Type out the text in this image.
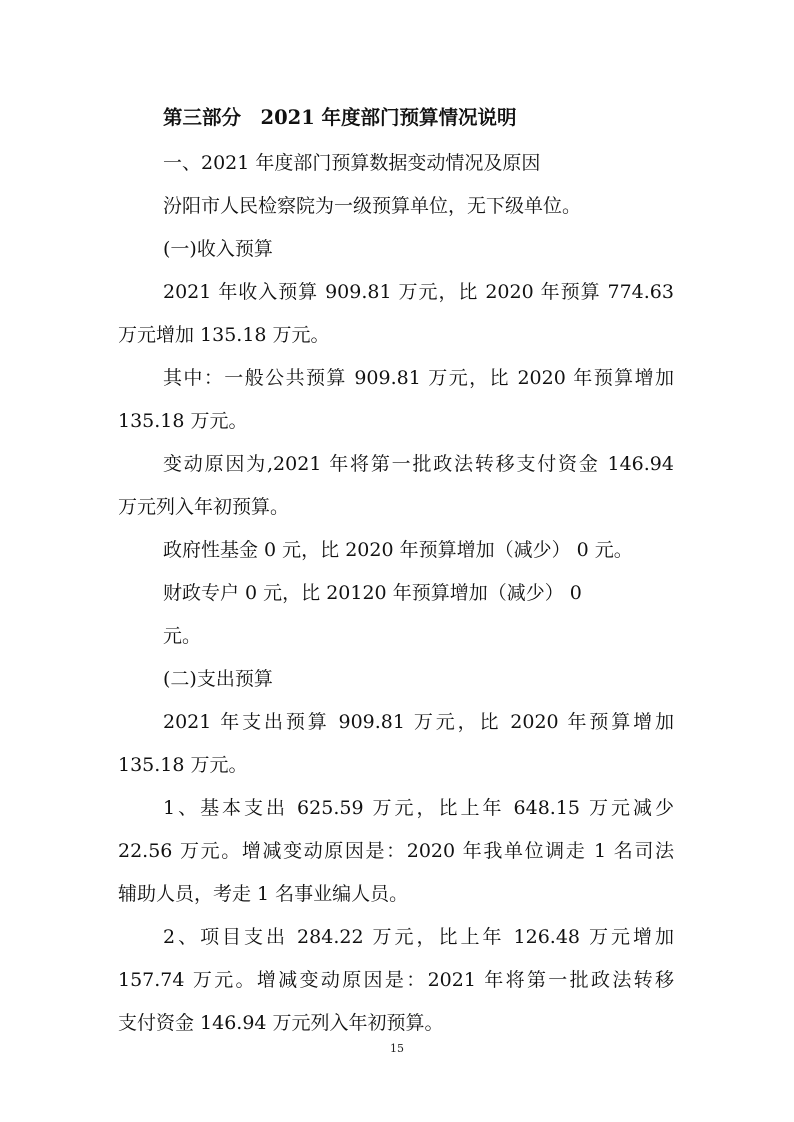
第三部分　2021 年度部门预算情况说明
一、2021 年度部门预算数据变动情况及原因
汾阳市人民检察院为一级预算单位，无下级单位。
(一)收入预算
2021 年收入预算 909.81 万元，比 2020 年预算 774.63
万元增加 135.18 万元。
其中：一般公共预算 909.81 万元，比 2020 年预算增加
135.18 万元。
变动原因为,2021 年将第一批政法转移支付资金 146.94
万元列入年初预算。
政府性基金 0 元，比 2020 年预算增加（减少） 0 元。
财政专户 0 元，比 20120 年预算增加（减少） 0
元。
(二)支出预算
2021 年支出预算 909.81 万元，比 2020 年预算增加
135.18 万元。
1、基本支出 625.59 万元，比上年 648.15 万元减少
22.56 万元。增减变动原因是：2020 年我单位调走 1 名司法
辅助人员，考走 1 名事业编人员。
2、项目支出 284.22 万元，比上年 126.48 万元增加
157.74 万元。增减变动原因是：2021 年将第一批政法转移
支付资金 146.94 万元列入年初预算。
15
